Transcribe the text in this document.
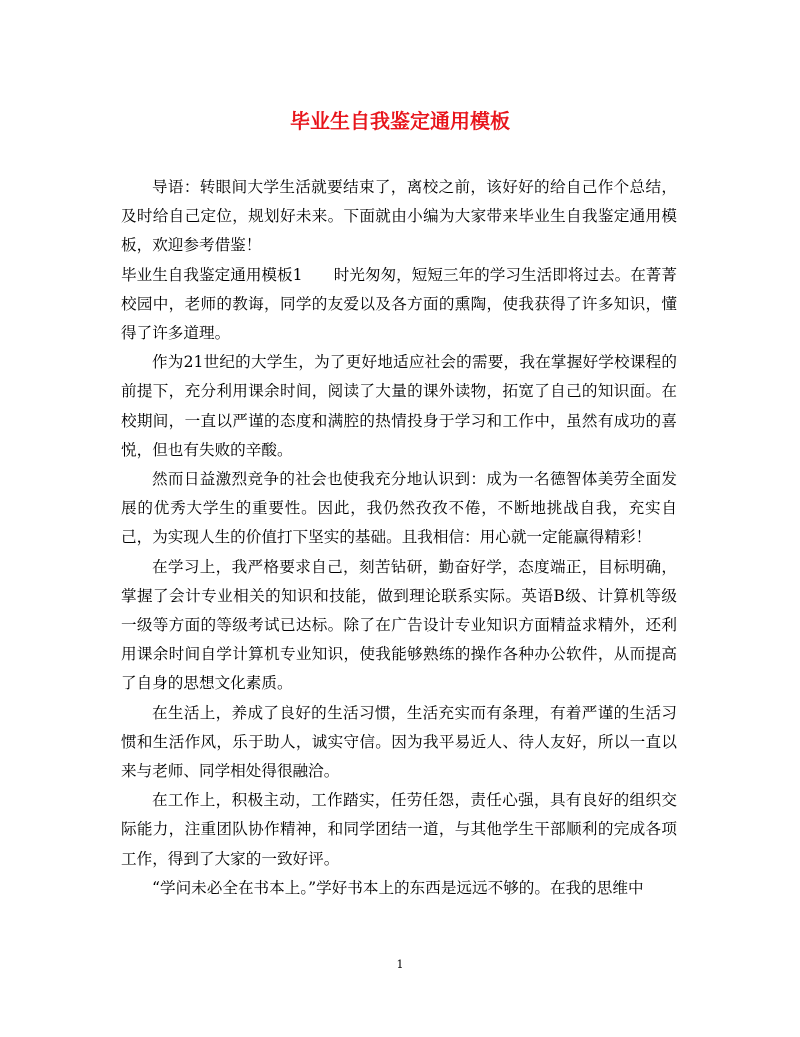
毕业生自我鉴定通用模板

导语：转眼间大学生活就要结束了，离校之前，该好好的给自己作个总结，及时给自己定位，规划好未来。下面就由小编为大家带来毕业生自我鉴定通用模板，欢迎参考借鉴！

毕业生自我鉴定通用模板1　　时光匆匆，短短三年的学习生活即将过去。在菁菁校园中，老师的教诲，同学的友爱以及各方面的熏陶，使我获得了许多知识，懂得了许多道理。

作为21世纪的大学生，为了更好地适应社会的需要，我在掌握好学校课程的前提下，充分利用课余时间，阅读了大量的课外读物，拓宽了自己的知识面。在校期间，一直以严谨的态度和满腔的热情投身于学习和工作中，虽然有成功的喜悦，但也有失败的辛酸。

然而日益激烈竞争的社会也使我充分地认识到：成为一名德智体美劳全面发展的优秀大学生的重要性。因此，我仍然孜孜不倦，不断地挑战自我，充实自己，为实现人生的价值打下坚实的基础。且我相信：用心就一定能赢得精彩！

在学习上，我严格要求自己，刻苦钻研，勤奋好学，态度端正，目标明确，掌握了会计专业相关的知识和技能，做到理论联系实际。英语B级、计算机等级一级等方面的等级考试已达标。除了在广告设计专业知识方面精益求精外，还利用课余时间自学计算机专业知识，使我能够熟练的操作各种办公软件，从而提高了自身的思想文化素质。

在生活上，养成了良好的生活习惯，生活充实而有条理，有着严谨的生活习惯和生活作风，乐于助人，诚实守信。因为我平易近人、待人友好，所以一直以来与老师、同学相处得很融洽。

在工作上，积极主动，工作踏实，任劳任怨，责任心强，具有良好的组织交际能力，注重团队协作精神，和同学团结一道，与其他学生干部顺利的完成各项工作，得到了大家的一致好评。

“学问未必全在书本上。”学好书本上的东西是远远不够的。在我的思维中

1
